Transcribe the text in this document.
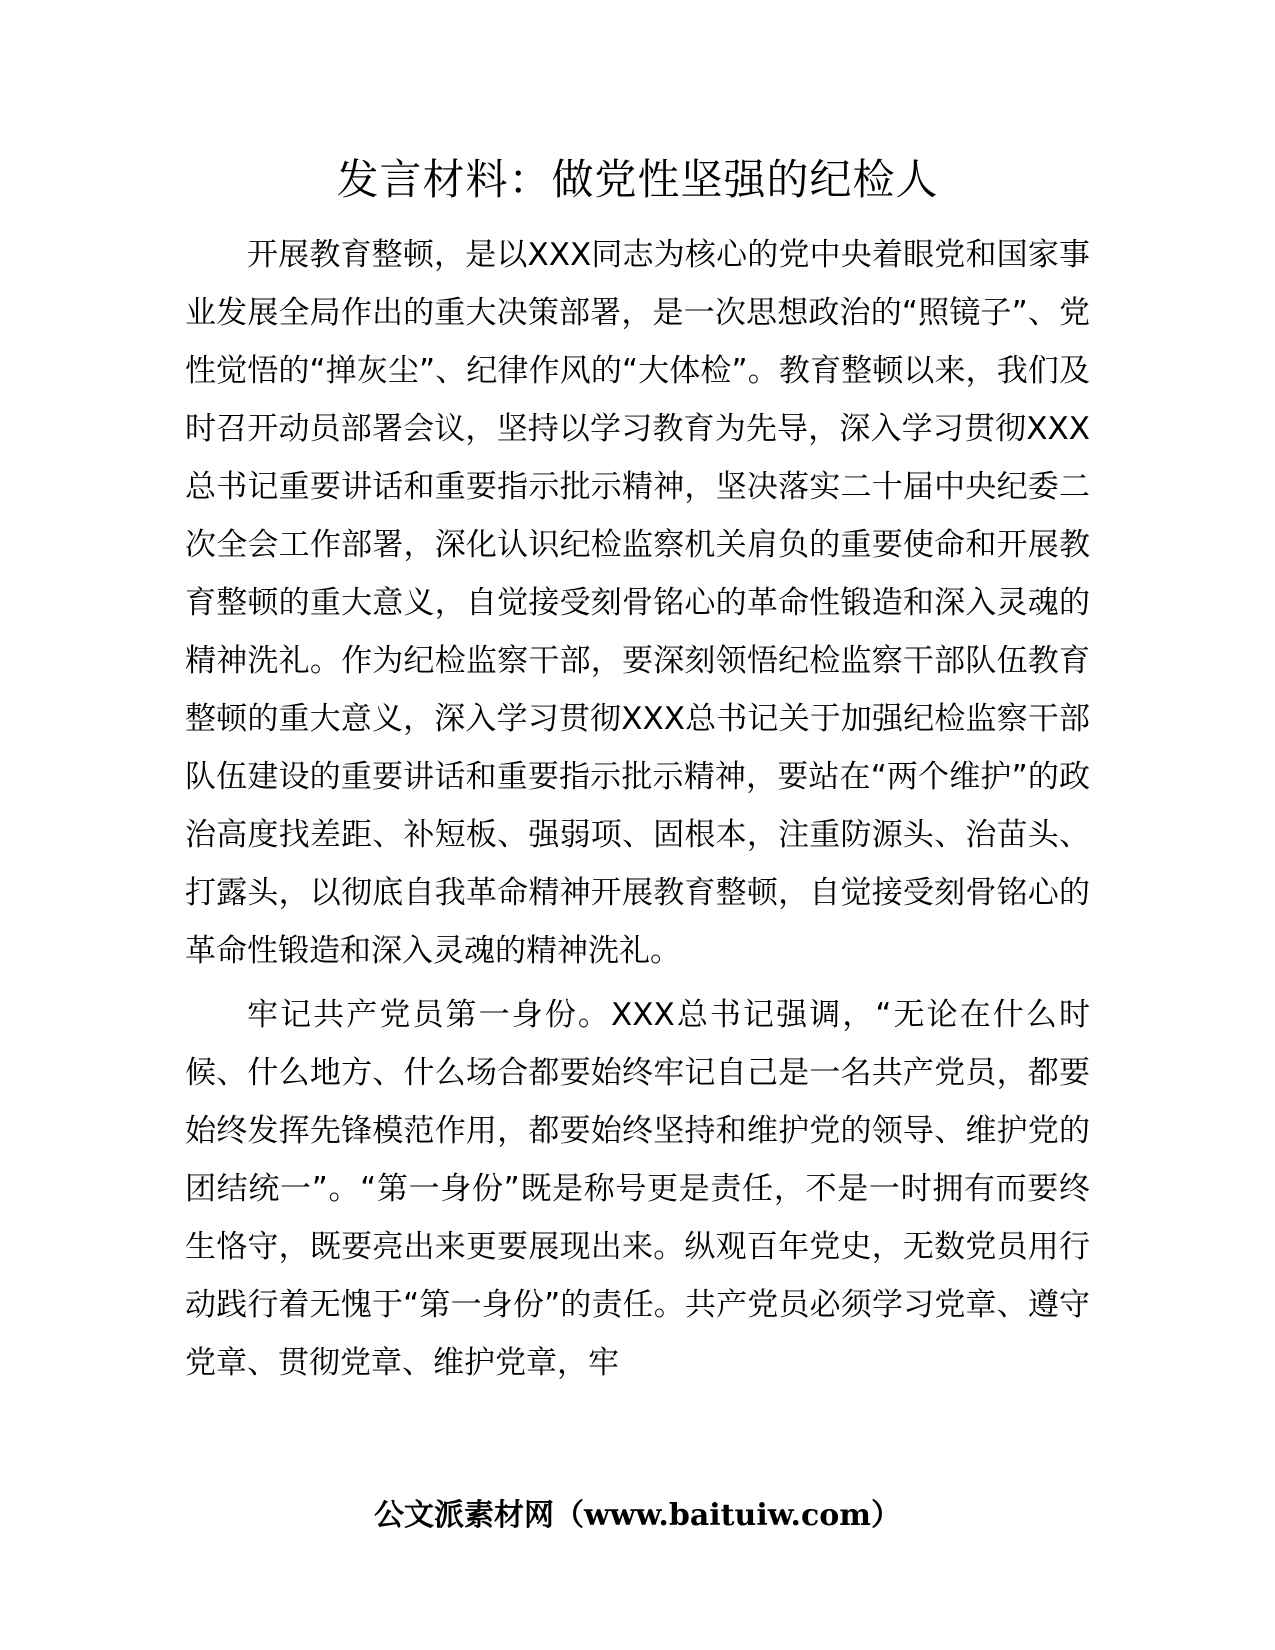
发言材料：做党性坚强的纪检人

开展教育整顿，是以XXX同志为核心的党中央着眼党和国家事业发展全局作出的重大决策部署，是一次思想政治的“照镜子”、党性觉悟的“掸灰尘”、纪律作风的“大体检”。教育整顿以来，我们及时召开动员部署会议，坚持以学习教育为先导，深入学习贯彻XXX总书记重要讲话和重要指示批示精神，坚决落实二十届中央纪委二次全会工作部署，深化认识纪检监察机关肩负的重要使命和开展教育整顿的重大意义，自觉接受刻骨铭心的革命性锻造和深入灵魂的精神洗礼。作为纪检监察干部，要深刻领悟纪检监察干部队伍教育整顿的重大意义，深入学习贯彻XXX总书记关于加强纪检监察干部队伍建设的重要讲话和重要指示批示精神，要站在“两个维护”的政治高度找差距、补短板、强弱项、固根本，注重防源头、治苗头、打露头，以彻底自我革命精神开展教育整顿，自觉接受刻骨铭心的革命性锻造和深入灵魂的精神洗礼。

牢记共产党员第一身份。XXX总书记强调，“无论在什么时候、什么地方、什么场合都要始终牢记自己是一名共产党员，都要始终发挥先锋模范作用，都要始终坚持和维护党的领导、维护党的团结统一”。“第一身份”既是称号更是责任，不是一时拥有而要终生恪守，既要亮出来更要展现出来。纵观百年党史，无数党员用行动践行着无愧于“第一身份”的责任。共产党员必须学习党章、遵守党章、贯彻党章、维护党章，牢

公文派素材网（www.baituiw.com）
